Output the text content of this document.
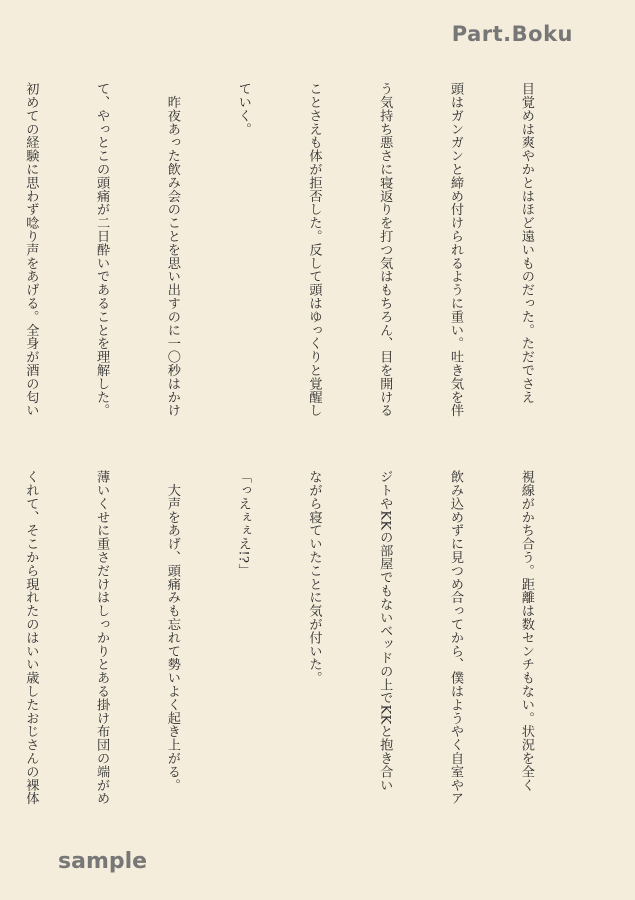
Part.Boku

目覚めは爽やかとはほど遠いものだった。ただでさえ

頭はガンガンと締め付けられるように重い。吐き気を伴

う気持ち悪さに寝返りを打つ気はもちろん、目を開ける

ことさえも体が拒否した。反して頭はゆっくりと覚醒し

ていく。

　昨夜あった飲み会のことを思い出すのに一〇秒はかけ

て、やっとこの頭痛が二日酔いであることを理解した。

初めての経験に思わず唸り声をあげる。全身が酒の匂い

視線がかち合う。距離は数センチもない。状況を全く

飲み込めずに見つめ合ってから、僕はようやく自室やア

ジトやKKの部屋でもないベッドの上でKKと抱き合い

ながら寝ていたことに気が付いた。

「っえぇぇえ!?」

　大声をあげ、頭痛みも忘れて勢いよく起き上がる。

薄いくせに重さだけはしっかりとある掛け布団の端がめ

くれて、そこから現れたのはいい歳したおじさんの裸体

sample
